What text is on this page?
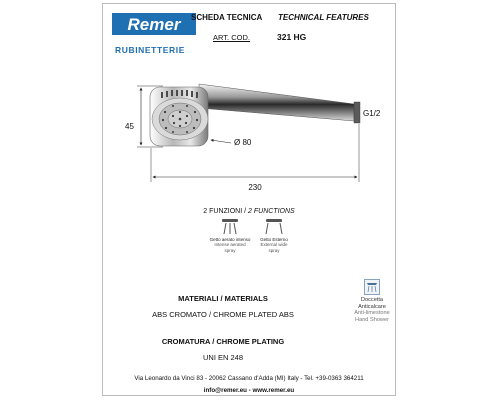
Remer
RUBINETTERIE
SCHEDA TECNICA TECHNICAL FEATURES
ART. COD.	321 HG
45
Ø 80
G1/2
230
2 FUNZIONI / 2 FUNCTIONS
Getto aerato intenso
Intense aerated
spray
Getto Esterno
External wide
spray
Doccetta
Anticalcare
Anti-limestone
Hand Shower
MATERIALI / MATERIALS
ABS CROMATO / CHROME PLATED ABS
CROMATURA / CHROME PLATING
UNI EN 248
Via Leonardo da Vinci 83 - 20062 Cassano d'Adda (MI) Italy - Tel. +39-0363 364211
info@remer.eu - www.remer.eu
